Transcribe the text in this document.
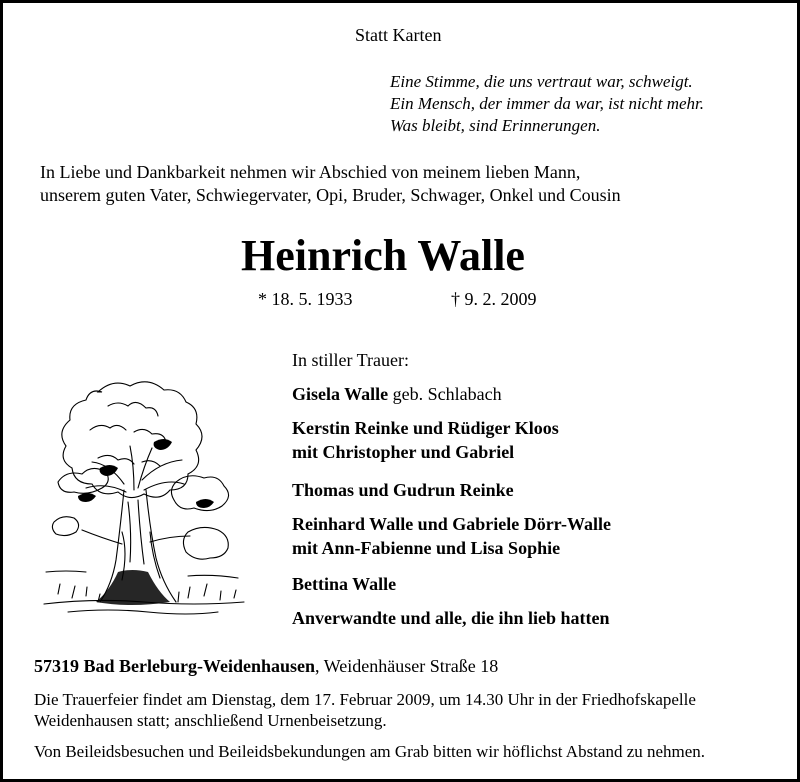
Statt Karten
Eine Stimme, die uns vertraut war, schweigt.
Ein Mensch, der immer da war, ist nicht mehr.
Was bleibt, sind Erinnerungen.
In Liebe und Dankbarkeit nehmen wir Abschied von meinem lieben Mann,
unserem guten Vater, Schwiegervater, Opi, Bruder, Schwager, Onkel und Cousin
Heinrich Walle
* 18. 5. 1933	† 9. 2. 2009
In stiller Trauer:
Gisela Walle geb. Schlabach
Kerstin Reinke und Rüdiger Kloos
mit Christopher und Gabriel
Thomas und Gudrun Reinke
Reinhard Walle und Gabriele Dörr-Walle
mit Ann-Fabienne und Lisa Sophie
Bettina Walle
Anverwandte und alle, die ihn lieb hatten
57319 Bad Berleburg-Weidenhausen, Weidenhäuser Straße 18
Die Trauerfeier findet am Dienstag, dem 17. Februar 2009, um 14.30 Uhr in der Friedhofskapelle
Weidenhausen statt; anschließend Urnenbeisetzung.
Von Beileidsbesuchen und Beileidsbekundungen am Grab bitten wir höflichst Abstand zu nehmen.
